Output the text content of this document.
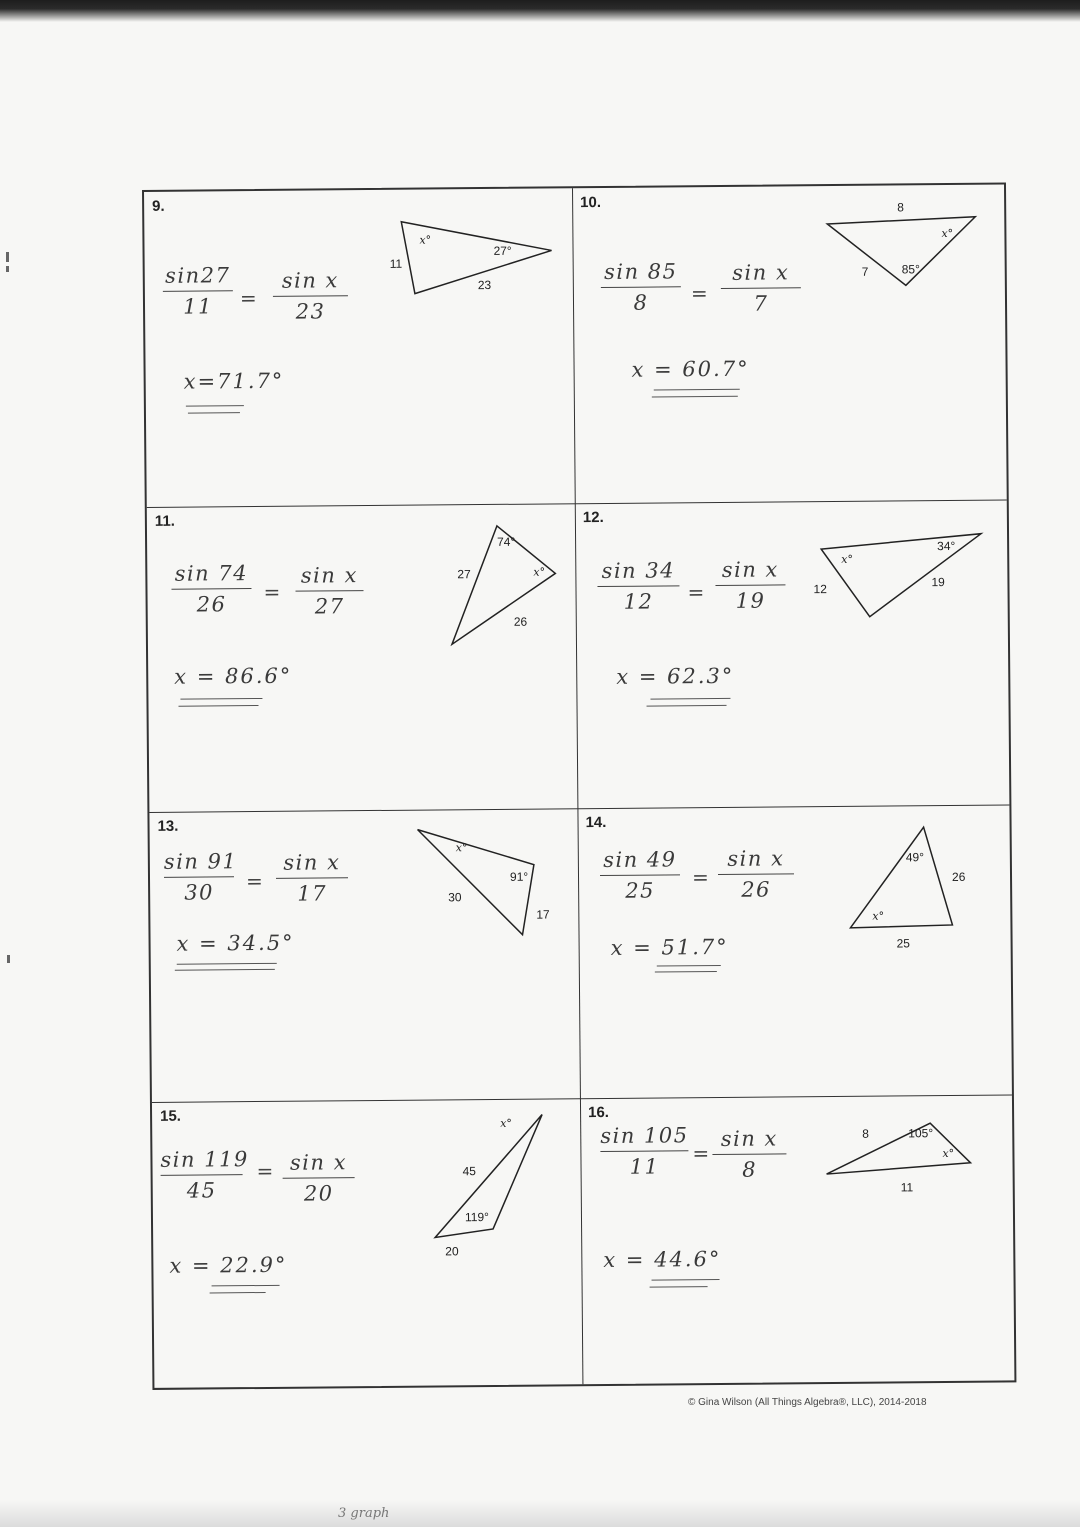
9.
sin27
11	=
sin x
23
x=71.7°
x°
27°
11
23
10.
sin 85
8	=
sin x
7
x = 60.7°
8
x°
7	85°
11.
sin 74
26
=
sin x
27
x = 86.6°
74°
27	x°
26
12.
sin 34
12	=
sin x
19
x = 62.3°
x°
34°
12	19
13.
sin 91
30	=
sin x
17
x = 34.5°
x°
91°
30
17
14.
sin 49
25
=
sin x
26
x = 51.7°
49°
26
x°
25
15.
sin 119
45
= sin x
20
x = 22.9°
x°
45
119°
20
16.
sin 105
11
=
sin x
8
x = 44.6°
8	105°
x°
11
© Gina Wilson (All Things Algebra®, LLC), 2014-2018
3 graph
